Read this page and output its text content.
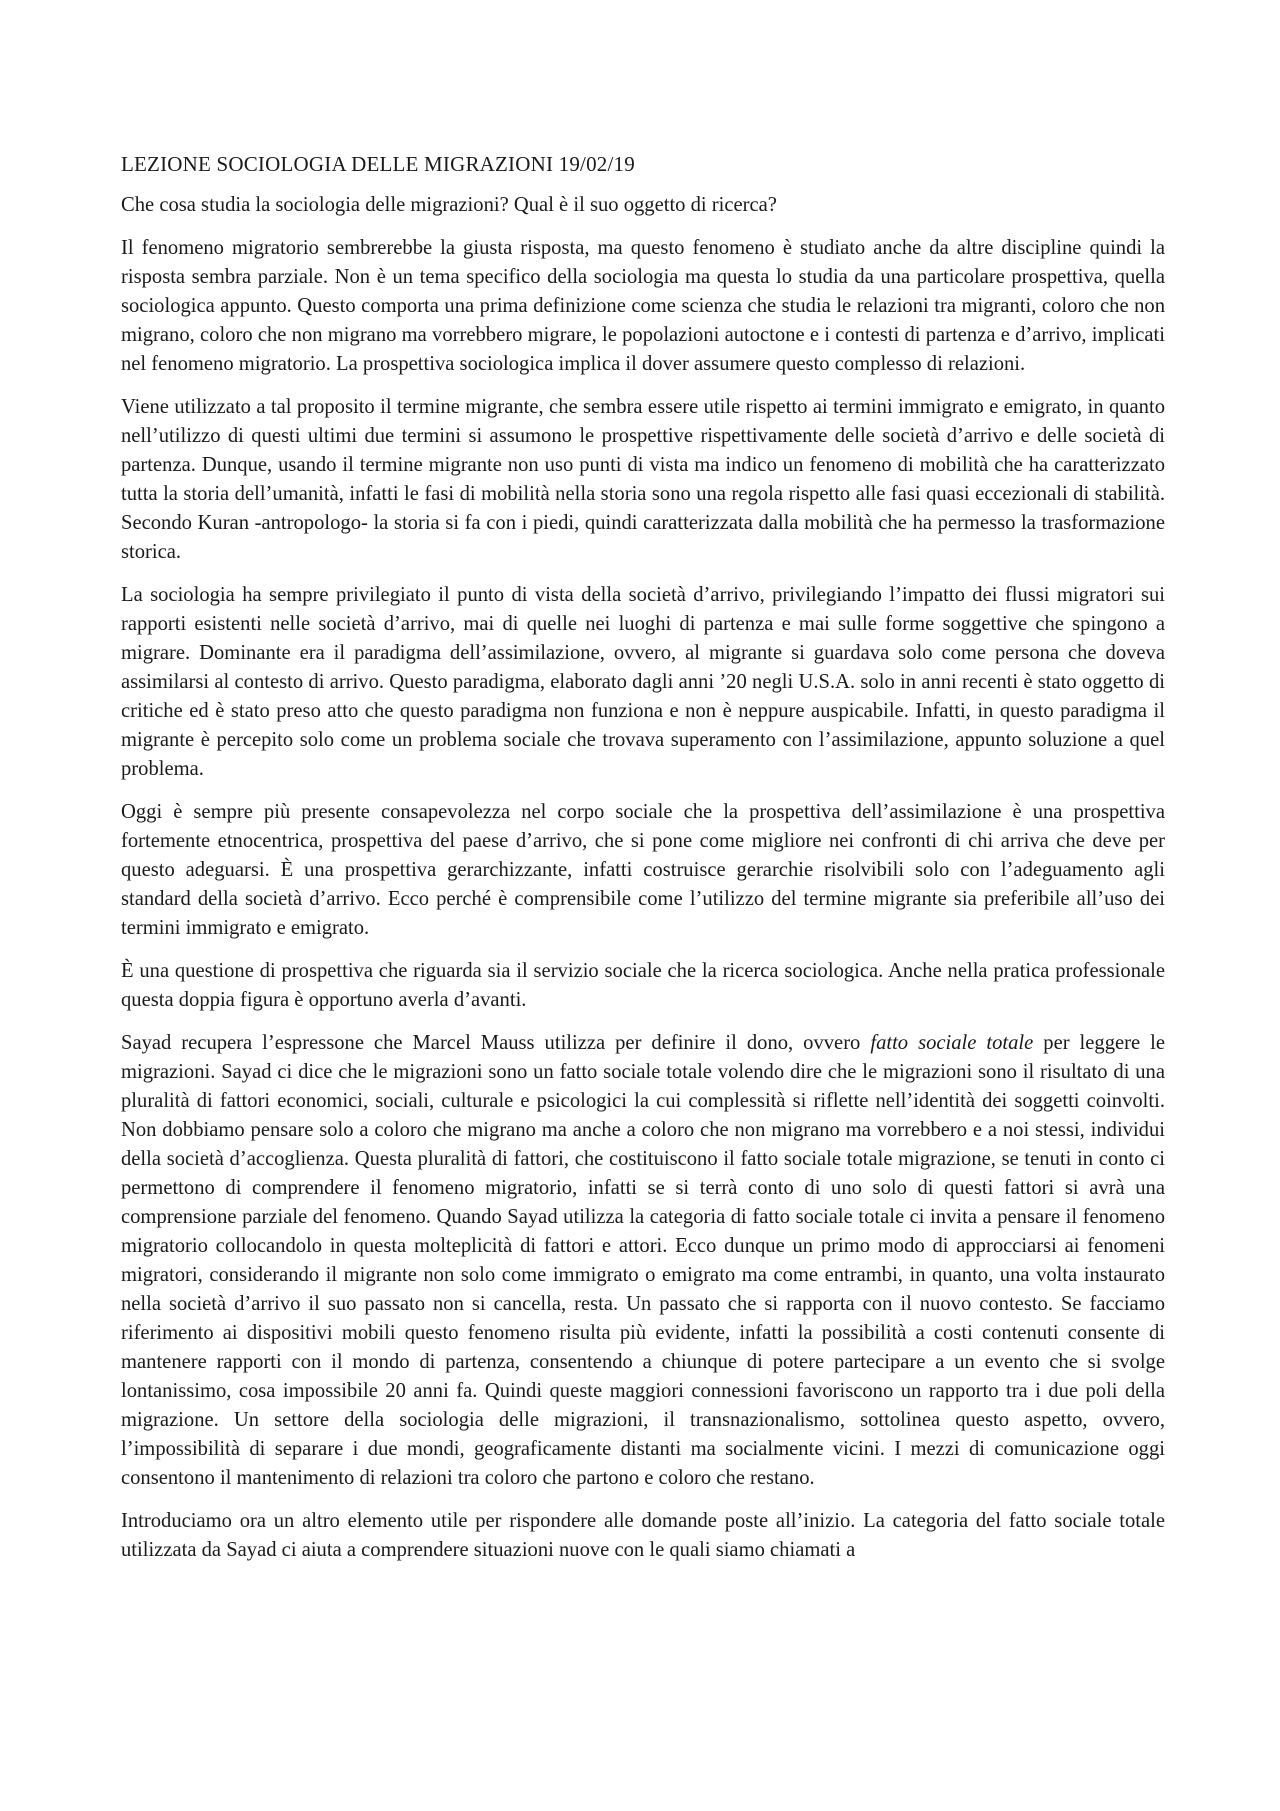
LEZIONE SOCIOLOGIA DELLE MIGRAZIONI 19/02/19

Che cosa studia la sociologia delle migrazioni? Qual è il suo oggetto di ricerca?

Il fenomeno migratorio sembrerebbe la giusta risposta, ma questo fenomeno è studiato anche da altre discipline quindi la risposta sembra parziale. Non è un tema specifico della sociologia ma questa lo studia da una particolare prospettiva, quella sociologica appunto. Questo comporta una prima definizione come scienza che studia le relazioni tra migranti, coloro che non migrano, coloro che non migrano ma vorrebbero migrare, le popolazioni autoctone e i contesti di partenza e d’arrivo, implicati nel fenomeno migratorio. La prospettiva sociologica implica il dover assumere questo complesso di relazioni.

Viene utilizzato a tal proposito il termine migrante, che sembra essere utile rispetto ai termini immigrato e emigrato, in quanto nell’utilizzo di questi ultimi due termini si assumono le prospettive rispettivamente delle società d’arrivo e delle società di partenza. Dunque, usando il termine migrante non uso punti di vista ma indico un fenomeno di mobilità che ha caratterizzato tutta la storia dell’umanità, infatti le fasi di mobilità nella storia sono una regola rispetto alle fasi quasi eccezionali di stabilità. Secondo Kuran -antropologo- la storia si fa con i piedi, quindi caratterizzata dalla mobilità che ha permesso la trasformazione storica.

La sociologia ha sempre privilegiato il punto di vista della società d’arrivo, privilegiando l’impatto dei flussi migratori sui rapporti esistenti nelle società d’arrivo, mai di quelle nei luoghi di partenza e mai sulle forme soggettive che spingono a migrare. Dominante era il paradigma dell’assimilazione, ovvero, al migrante si guardava solo come persona che doveva assimilarsi al contesto di arrivo. Questo paradigma, elaborato dagli anni ’20 negli U.S.A. solo in anni recenti è stato oggetto di critiche ed è stato preso atto che questo paradigma non funziona e non è neppure auspicabile. Infatti, in questo paradigma il migrante è percepito solo come un problema sociale che trovava superamento con l’assimilazione, appunto soluzione a quel problema.

Oggi è sempre più presente consapevolezza nel corpo sociale che la prospettiva dell’assimilazione è una prospettiva fortemente etnocentrica, prospettiva del paese d’arrivo, che si pone come migliore nei confronti di chi arriva che deve per questo adeguarsi. È una prospettiva gerarchizzante, infatti costruisce gerarchie risolvibili solo con l’adeguamento agli standard della società d’arrivo. Ecco perché è comprensibile come l’utilizzo del termine migrante sia preferibile all’uso dei termini immigrato e emigrato.

È una questione di prospettiva che riguarda sia il servizio sociale che la ricerca sociologica. Anche nella pratica professionale questa doppia figura è opportuno averla d’avanti.

Sayad recupera l’espressone che Marcel Mauss utilizza per definire il dono, ovvero fatto sociale totale per leggere le migrazioni. Sayad ci dice che le migrazioni sono un fatto sociale totale volendo dire che le migrazioni sono il risultato di una pluralità di fattori economici, sociali, culturale e psicologici la cui complessità si riflette nell’identità dei soggetti coinvolti. Non dobbiamo pensare solo a coloro che migrano ma anche a coloro che non migrano ma vorrebbero e a noi stessi, individui della società d’accoglienza. Questa pluralità di fattori, che costituiscono il fatto sociale totale migrazione, se tenuti in conto ci permettono di comprendere il fenomeno migratorio, infatti se si terrà conto di uno solo di questi fattori si avrà una comprensione parziale del fenomeno. Quando Sayad utilizza la categoria di fatto sociale totale ci invita a pensare il fenomeno migratorio collocandolo in questa molteplicità di fattori e attori. Ecco dunque un primo modo di approcciarsi ai fenomeni migratori, considerando il migrante non solo come immigrato o emigrato ma come entrambi, in quanto, una volta instaurato nella società d’arrivo il suo passato non si cancella, resta. Un passato che si rapporta con il nuovo contesto. Se facciamo riferimento ai dispositivi mobili questo fenomeno risulta più evidente, infatti la possibilità a costi contenuti consente di mantenere rapporti con il mondo di partenza, consentendo a chiunque di potere partecipare a un evento che si svolge lontanissimo, cosa impossibile 20 anni fa. Quindi queste maggiori connessioni favoriscono un rapporto tra i due poli della migrazione. Un settore della sociologia delle migrazioni, il transnazionalismo, sottolinea questo aspetto, ovvero, l’impossibilità di separare i due mondi, geograficamente distanti ma socialmente vicini. I mezzi di comunicazione oggi consentono il mantenimento di relazioni tra coloro che partono e coloro che restano.

Introduciamo ora un altro elemento utile per rispondere alle domande poste all’inizio. La categoria del fatto sociale totale utilizzata da Sayad ci aiuta a comprendere situazioni nuove con le quali siamo chiamati a
